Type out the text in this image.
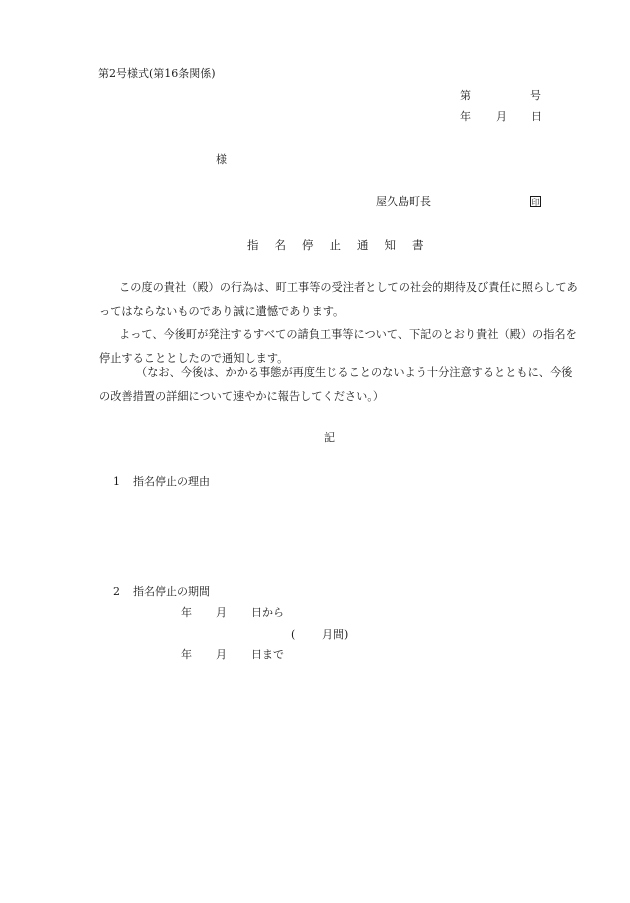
第2号様式(第16条関係)
第	号
年 月 日
様
屋久島町長	印
指名停止通知書
この度の貴社（殿）の行為は、町工事等の受注者としての社会的期待及び責任に照らしてあってはならないものであり誠に遺憾であります。
よって、今後町が発注するすべての請負工事等について、下記のとおり貴社（殿）の指名を停止することとしたので通知します。
（なお、今後は、かかる事態が再度生じることのないよう十分注意するとともに、今後の改善措置の詳細について速やかに報告してください。）
記
1 指名停止の理由
2 指名停止の期間
年 月 日から
( 月間)
年 月 日まで
